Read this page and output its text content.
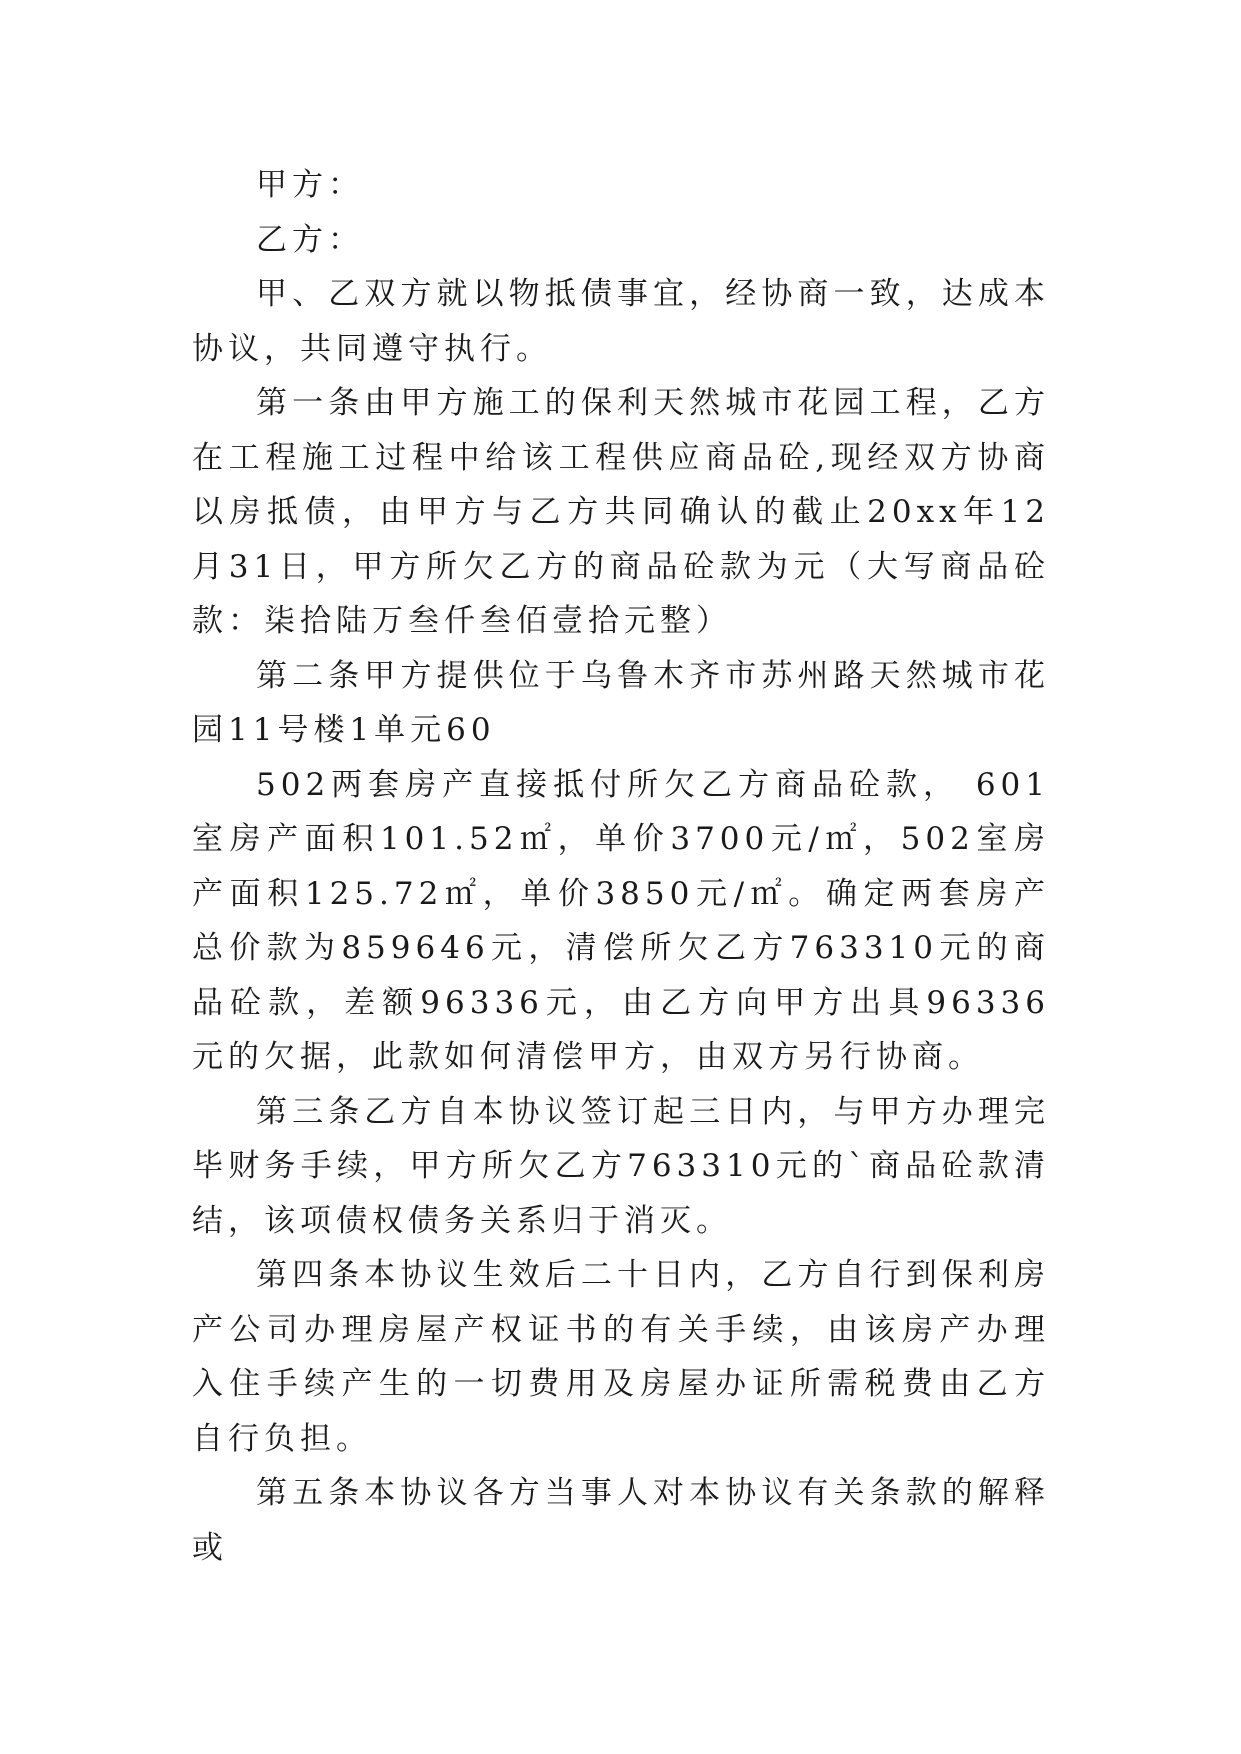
甲方：

乙方：

甲、乙双方就以物抵债事宜，经协商一致，达成本协议，共同遵守执行。

第一条由甲方施工的保利天然城市花园工程，乙方在工程施工过程中给该工程供应商品砼,现经双方协商以房抵债，由甲方与乙方共同确认的截止20xx年12月31日，甲方所欠乙方的商品砼款为元（大写商品砼款：柒拾陆万叁仟叁佰壹拾元整）

第二条甲方提供位于乌鲁木齐市苏州路天然城市花园11号楼1单元60

502两套房产直接抵付所欠乙方商品砼款， 601室房产面积101.52㎡，单价3700元/㎡，502室房产面积125.72㎡，单价3850元/㎡。确定两套房产总价款为859646元，清偿所欠乙方763310元的商品砼款，差额96336元，由乙方向甲方出具96336元的欠据，此款如何清偿甲方，由双方另行协商。

第三条乙方自本协议签订起三日内，与甲方办理完毕财务手续，甲方所欠乙方763310元的`商品砼款清结，该项债权债务关系归于消灭。

第四条本协议生效后二十日内，乙方自行到保利房产公司办理房屋产权证书的有关手续，由该房产办理入住手续产生的一切费用及房屋办证所需税费由乙方自行负担。

第五条本协议各方当事人对本协议有关条款的解释或
